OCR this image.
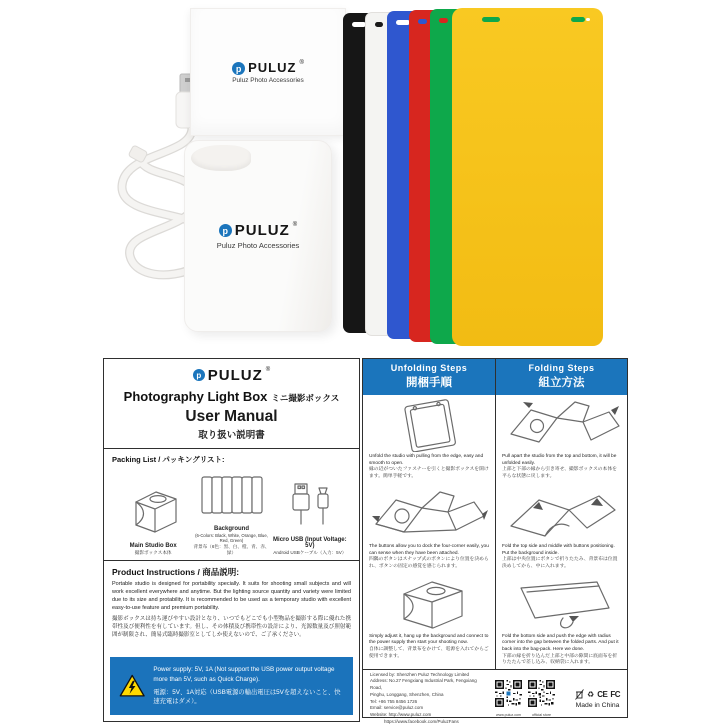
p PULUZ ®
Puluz Photo Accessories
p PULUZ ®
Puluz Photo Accessories
p PULUZ ®
Photography Light Box ミニ撮影ボックス
User Manual
取り扱い説明書
Packing List / パッキングリスト:
Main Studio Box
撮影ボックス本体
Background
(6-Colors: Black, White, Orange, Blue, Red, Green)
背景布（6色：黒、白、橙、青、赤、緑）
Micro USB (Input Voltage: 5V)
Android USBケーブル（入力：5V）
Product Instructions / 商品説明:
Portable studio is designed for portability specially. It suits for shooting small subjects and will work excellent everywhere and anytime. But the lighting source quantity and variety were limited due to its size and protability. It is recommended to be used as a temporary studio with excellent easy-to-use feature and premium portability.
撮影ボックスは持ち運びやすい設計となり、いつでもどこでも小型物品を撮影する際に優れた携帯性及び便利性を有しています。但し、その体積及び携帯性の設計により、光源数量及び照射範囲が制限され、簡易式臨時撮影室としてしか使えないので、ご了承ください。
Power supply: 5V, 1A (Not support the USB power output voltage more than 5V, such as Quick Charge).
電源：5V、1A対応（USB電源の輸出電圧は5Vを超えないこと、快速充電はダメ）。
Unfolding Steps
開梱手順
Unfold the studio with pulling from the edge, easy and smooth to open.
縁の辺がついたファスナーを引くと撮影ボックスを開けます。簡単手軽です。
The buttons allow you to dock the four-corner easily, you can sense when they have been attached.
四隅のボタンはスナップ式のボタンにより位置を決められ、ボタンの固定の感覚を感じられます。
Simply adjust it, hang up the background and connect to the power supply then start your shooting now.
自体に調整して、背景布をかけて、電源を入れてからご使用できます。
Folding Steps
組立方法
Pull apart the studio from the top and bottom, it will be unfolded easily.
上部と下部の縁から引き寄せ、撮影ボックスの本体を平らな状態に戻します。
Fold the top side and middle with buttons positioning. Put the background inside.
上部は中央位置にボタンで折りたたみ、背景布は位置決めしてから、中に入れます。
Fold the bottom side and push the edge with radius corner into the gap between the folded parts. And put it back into the bag-pack. Here we done.
下部の縁を折り込んだ上部と中部の隙間に底面布を折りたたんで差し込み、収納袋に入れます。
Licensed by: Shenzhen Puluz Technology Limited
Address: No.27 Fengxiang Industrial Park, Fengxiang Road,
Pinghu, Longgang, Shenzhen, China
Tel: +86 755 8456 1726
Email: service@puluz.com
Website: http://www.puluz.com
https://www.facebook.com/PuluzFans
www.puluz.com	official store
♻ CE FC
Made in China
